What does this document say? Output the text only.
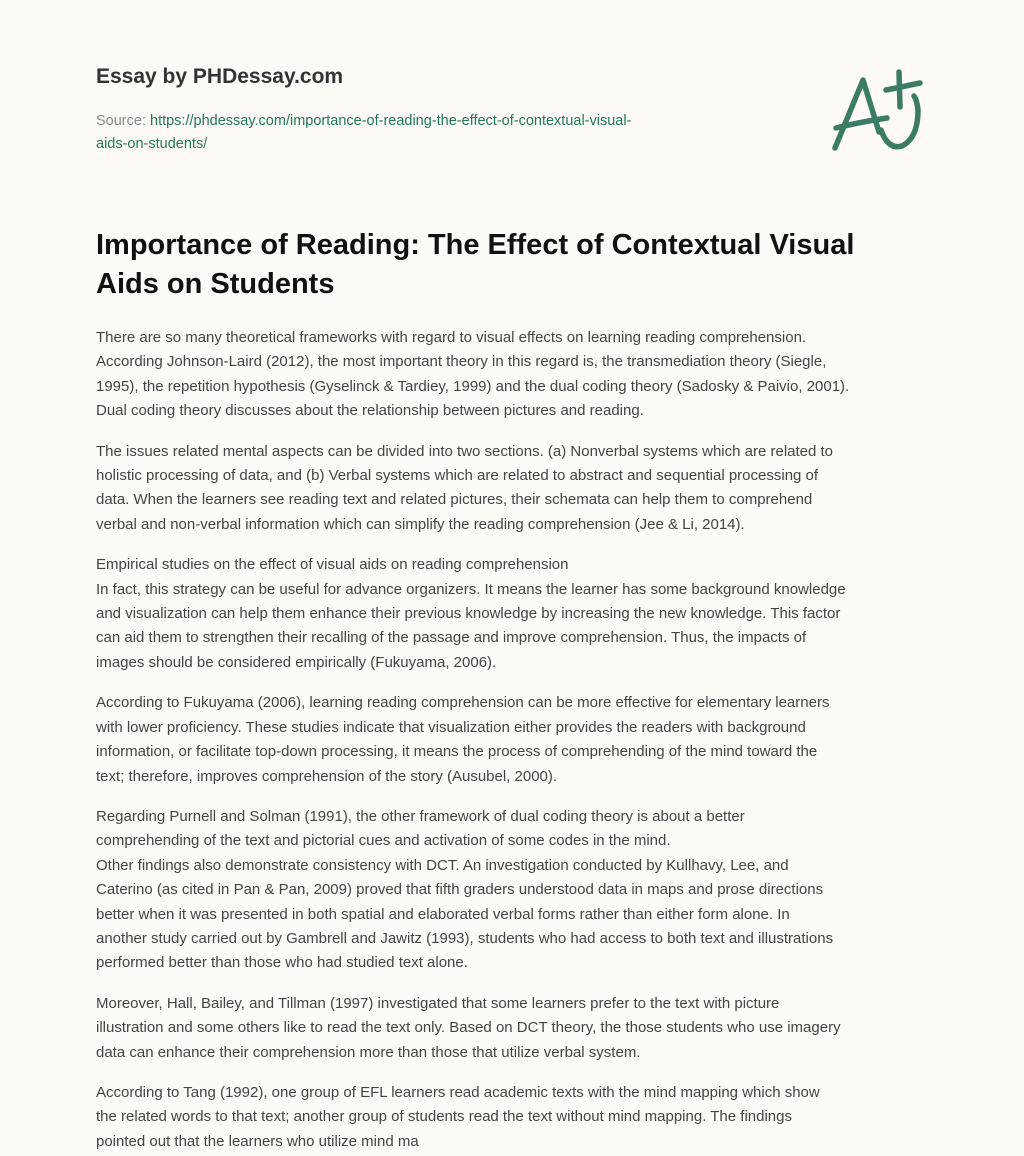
Essay by PHDessay.com
Source: https://phdessay.com/importance-of-reading-the-effect-of-contextual-visual-
aids-on-students/
Importance of Reading: The Effect of Contextual Visual
Aids on Students

There are so many theoretical frameworks with regard to visual effects on learning reading comprehension.
According Johnson-Laird (2012), the most important theory in this regard is, the transmediation theory (Siegle,
1995), the repetition hypothesis (Gyselinck & Tardiey, 1999) and the dual coding theory (Sadosky & Paivio, 2001).
Dual coding theory discusses about the relationship between pictures and reading.

The issues related mental aspects can be divided into two sections. (a) Nonverbal systems which are related to
holistic processing of data, and (b) Verbal systems which are related to abstract and sequential processing of
data. When the learners see reading text and related pictures, their schemata can help them to comprehend
verbal and non-verbal information which can simplify the reading comprehension (Jee & Li, 2014).

Empirical studies on the effect of visual aids on reading comprehension
In fact, this strategy can be useful for advance organizers. It means the learner has some background knowledge
and visualization can help them enhance their previous knowledge by increasing the new knowledge. This factor
can aid them to strengthen their recalling of the passage and improve comprehension. Thus, the impacts of
images should be considered empirically (Fukuyama, 2006).

According to Fukuyama (2006), learning reading comprehension can be more effective for elementary learners
with lower proficiency. These studies indicate that visualization either provides the readers with background
information, or facilitate top-down processing, it means the process of comprehending of the mind toward the
text; therefore, improves comprehension of the story (Ausubel, 2000).

Regarding Purnell and Solman (1991), the other framework of dual coding theory is about a better
comprehending of the text and pictorial cues and activation of some codes in the mind.
Other findings also demonstrate consistency with DCT. An investigation conducted by Kullhavy, Lee, and
Caterino (as cited in Pan & Pan, 2009) proved that fifth graders understood data in maps and prose directions
better when it was presented in both spatial and elaborated verbal forms rather than either form alone. In
another study carried out by Gambrell and Jawitz (1993), students who had access to both text and illustrations
performed better than those who had studied text alone.

Moreover, Hall, Bailey, and Tillman (1997) investigated that some learners prefer to the text with picture
illustration and some others like to read the text only. Based on DCT theory, the those students who use imagery
data can enhance their comprehension more than those that utilize verbal system.

According to Tang (1992), one group of EFL learners read academic texts with the mind mapping which show
the related words to that text; another group of students read the text without mind mapping. The findings
pointed out that the learners who utilize mind ma
